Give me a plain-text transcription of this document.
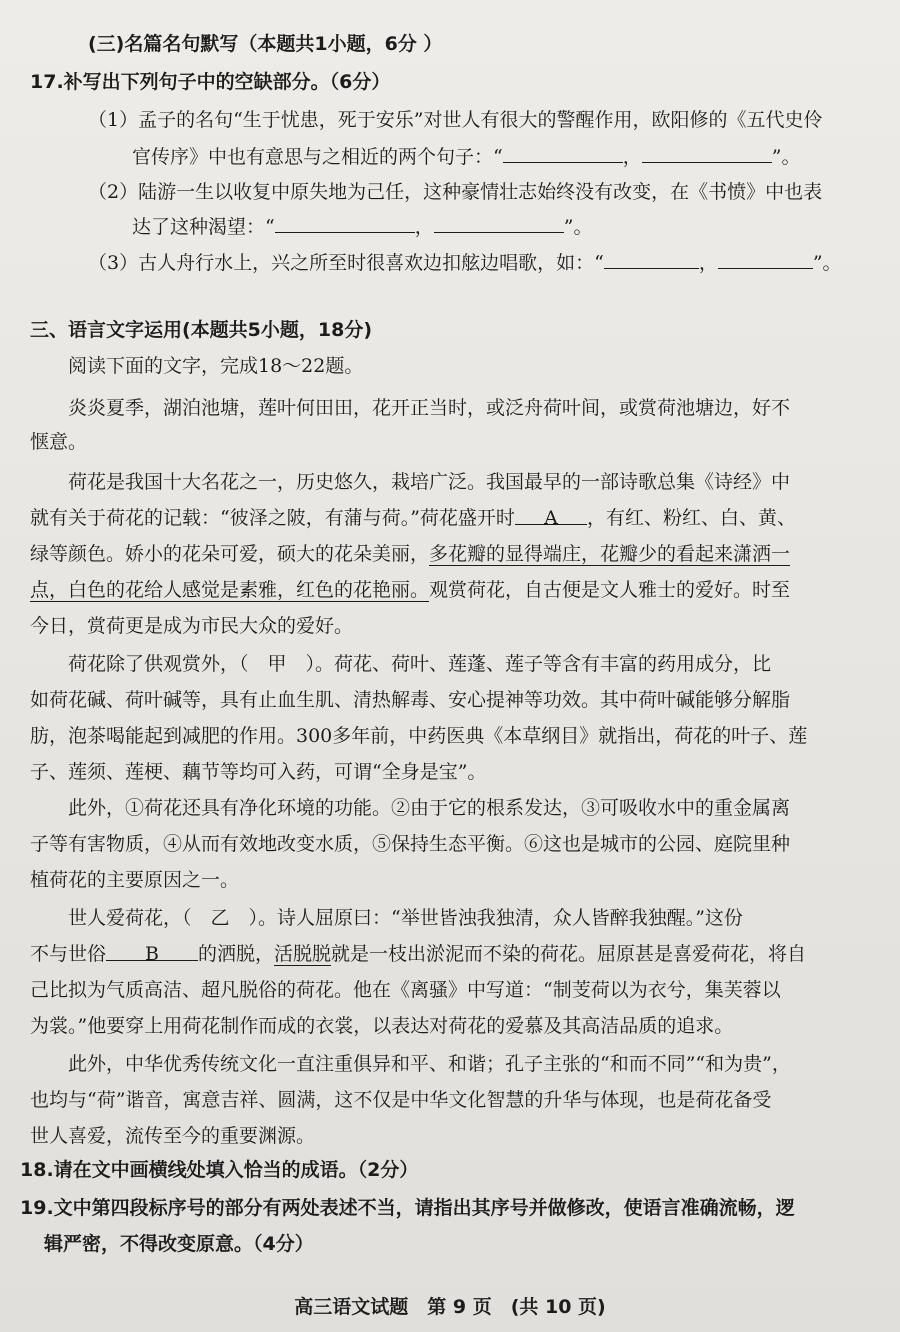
(三)名篇名句默写（本题共1小题，6分 ）
17.补写出下列句子中的空缺部分。（6分）
（1）孟子的名句“生于忧患，死于安乐”对世人有很大的警醒作用，欧阳修的《五代史伶
官传序》中也有意思与之相近的两个句子：“	，	”。
（2）陆游一生以收复中原失地为己任，这种豪情壮志始终没有改变，在《书愤》中也表
达了这种渴望：“	，	”。
（3）古人舟行水上，兴之所至时很喜欢边扣舷边唱歌，如：“	，	”。
三、语言文字运用(本题共5小题，18分)
阅读下面的文字，完成18～22题。
炎炎夏季，湖泊池塘，莲叶何田田，花开正当时，或泛舟荷叶间，或赏荷池塘边，好不
惬意。
荷花是我国十大名花之一，历史悠久，栽培广泛。我国最早的一部诗歌总集《诗经》中
就有关于荷花的记载：“彼泽之陂，有蒲与荷。”荷花盛开时 A ，有红、粉红、白、黄、
绿等颜色。娇小的花朵可爱，硕大的花朵美丽，多花瓣的显得端庄，花瓣少的看起来潇洒一
点，白色的花给人感觉是素雅，红色的花艳丽。观赏荷花，自古便是文人雅士的爱好。时至
今日，赏荷更是成为市民大众的爱好。
荷花除了供观赏外，（　甲　）。荷花、荷叶、莲蓬、莲子等含有丰富的药用成分，比
如荷花碱、荷叶碱等，具有止血生肌、清热解毒、安心提神等功效。其中荷叶碱能够分解脂
肪，泡茶喝能起到减肥的作用。300多年前，中药医典《本草纲目》就指出，荷花的叶子、莲
子、莲须、莲梗、藕节等均可入药，可谓“全身是宝”。
此外，①荷花还具有净化环境的功能。②由于它的根系发达，③可吸收水中的重金属离
子等有害物质，④从而有效地改变水质，⑤保持生态平衡。⑥这也是城市的公园、庭院里种
植荷花的主要原因之一。
世人爱荷花，（　乙　）。诗人屈原曰：“举世皆浊我独清，众人皆醉我独醒。”这份
不与世俗 B 的洒脱，活脱脱就是一枝出淤泥而不染的荷花。屈原甚是喜爱荷花，将自
己比拟为气质高洁、超凡脱俗的荷花。他在《离骚》中写道：“制芰荷以为衣兮，集芙蓉以
为裳。”他要穿上用荷花制作而成的衣裳，以表达对荷花的爱慕及其高洁品质的追求。
此外，中华优秀传统文化一直注重俱异和平、和谐；孔子主张的“和而不同”“和为贵”，
也均与“荷”谐音，寓意吉祥、圆满，这不仅是中华文化智慧的升华与体现，也是荷花备受
世人喜爱，流传至今的重要渊源。
18.请在文中画横线处填入恰当的成语。（2分）
19.文中第四段标序号的部分有两处表述不当，请指出其序号并做修改，使语言准确流畅，逻
辑严密，不得改变原意。（4分）
高三语文试题　第 9 页　(共 10 页)
